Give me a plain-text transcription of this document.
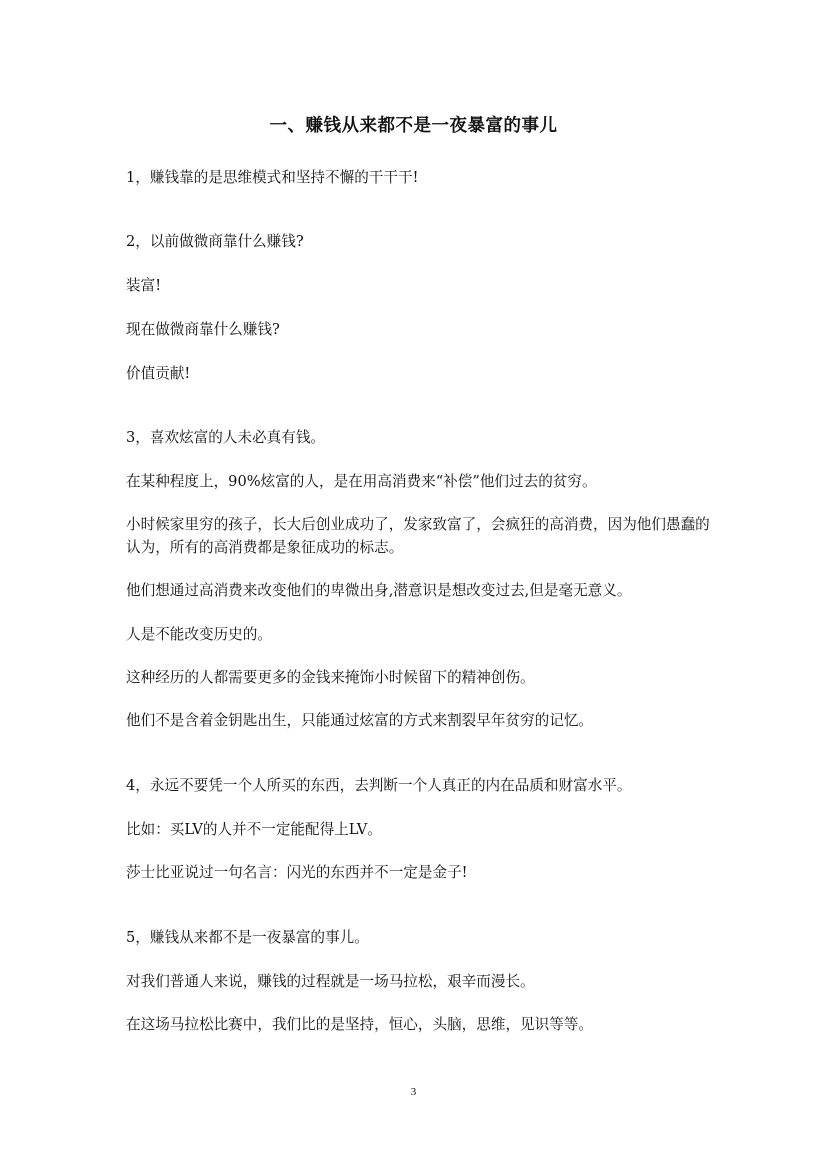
一、赚钱从来都不是一夜暴富的事儿

1，赚钱靠的是思维模式和坚持不懈的干干干!

2，以前做微商靠什么赚钱?

装富!

现在做微商靠什么赚钱?

价值贡献!

3，喜欢炫富的人未必真有钱。

在某种程度上，90%炫富的人，是在用高消费来“补偿”他们过去的贫穷。

小时候家里穷的孩子，长大后创业成功了，发家致富了，会疯狂的高消费，因为他们愚蠢的认为，所有的高消费都是象征成功的标志。

他们想通过高消费来改变他们的卑微出身,潜意识是想改变过去,但是毫无意义。

人是不能改变历史的。

这种经历的人都需要更多的金钱来掩饰小时候留下的精神创伤。

他们不是含着金钥匙出生，只能通过炫富的方式来割裂早年贫穷的记忆。

4，永远不要凭一个人所买的东西，去判断一个人真正的内在品质和财富水平。

比如：买LV的人并不一定能配得上LV。

莎士比亚说过一句名言：闪光的东西并不一定是金子!

5，赚钱从来都不是一夜暴富的事儿。

对我们普通人来说，赚钱的过程就是一场马拉松，艰辛而漫长。

在这场马拉松比赛中，我们比的是坚持，恒心，头脑，思维，见识等等。

3
